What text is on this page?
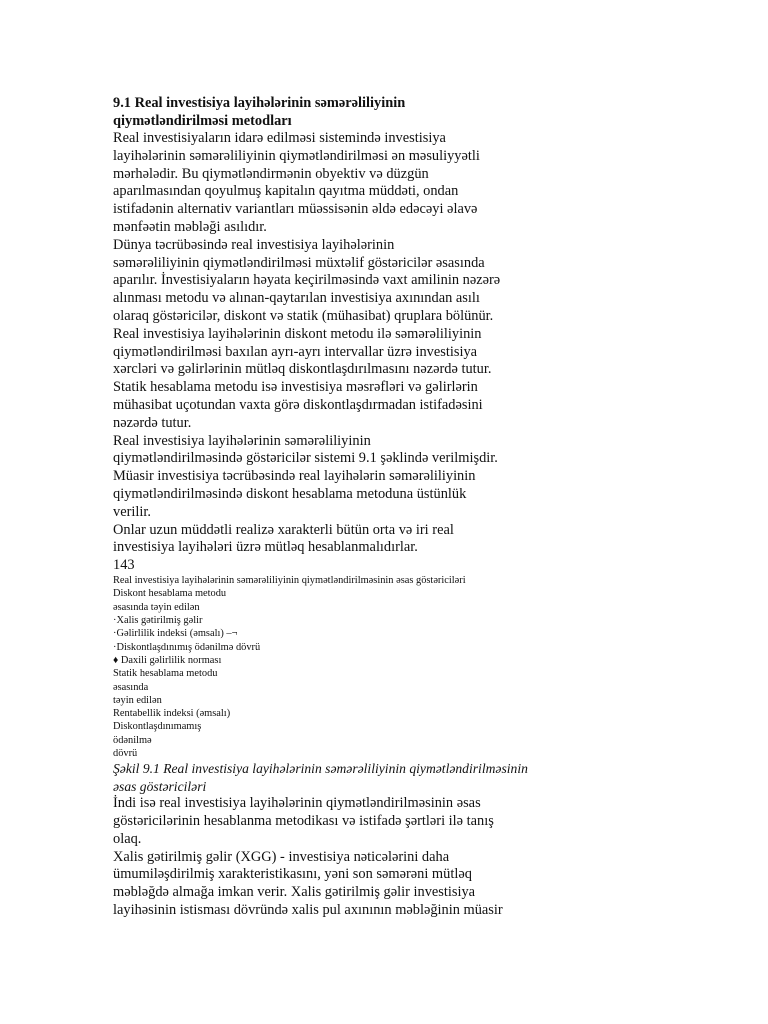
9.1 Real investisiya layihələrinin səmərəliliyinin

qiymətləndirilməsi metodları

Real investisiyaların idarə edilməsi sistemində investisiya

layihələrinin səmərəliliyinin qiymətləndirilməsi ən məsuliyyətli

mərhələdir. Bu qiymətləndirmənin obyektiv və düzgün

aparılmasından qoyulmuş kapitalın qayıtma müddəti, ondan

istifadənin alternativ variantları müəssisənin əldə edəcəyi əlavə

mənfəətin məbləği asılıdır.

Dünya təcrübəsində real investisiya layihələrinin

səmərəliliyinin qiymətləndirilməsi müxtəlif göstəricilər əsasında

aparılır. İnvestisiyaların həyata keçirilməsində vaxt amilinin nəzərə

alınması metodu və alınan-qaytarılan investisiya axınından asılı

olaraq göstəricilər, diskont və statik (mühasibat) qruplara bölünür.

Real investisiya layihələrinin diskont metodu ilə səmərəliliyinin

qiymətləndirilməsi baxılan ayrı-ayrı intervallar üzrə investisiya

xərcləri və gəlirlərinin mütləq diskontlaşdırılmasını nəzərdə tutur.

Statik hesablama metodu isə investisiya məsrəfləri və gəlirlərin

mühasibat uçotundan vaxta görə diskontlaşdırmadan istifadəsini

nəzərdə tutur.

Real investisiya layihələrinin səmərəliliyinin

qiymətləndirilməsində göstəricilər sistemi 9.1 şəklində verilmişdir.

Müasir investisiya təcrübəsində real layihələrin səmərəliliyinin

qiymətləndirilməsində diskont hesablama metoduna üstünlük

verilir.

Onlar uzun müddətli realizə xarakterli bütün orta və iri real

investisiya layihələri üzrə mütləq hesablanmalıdırlar.

143

Real investisiya layihələrinin səmərəliliyinin qiymətləndirilməsinin əsas göstəriciləri

Diskont hesablama metodu

əsasında təyin edilən

·Xalis gətirilmiş gəlir

·Gəlirlilik indeksi (əmsalı) –¬

·Diskontlaşdınımış ödənilmə dövrü

♦ Daxili gəlirlilik norması

Statik hesablama metodu

əsasında

təyin edilən

Rentabellik indeksi (əmsalı)

Diskontlaşdınımamış

ödənilmə

dövrü

Şəkil 9.1 Real investisiya layihələrinin səmərəliliyinin qiymətləndirilməsinin

əsas göstəriciləri

İndi isə real investisiya layihələrinin qiymətləndirilməsinin əsas

göstəricilərinin hesablanma metodikası və istifadə şərtləri ilə tanış

olaq.

Xalis gətirilmiş gəlir (XGG) - investisiya nəticələrini daha

ümumiləşdirilmiş xarakteristikasını, yəni son səmərəni mütləq

məbləğdə almağa imkan verir. Xalis gətirilmiş gəlir investisiya

layihəsinin istisması dövründə xalis pul axınının məbləğinin müasir
